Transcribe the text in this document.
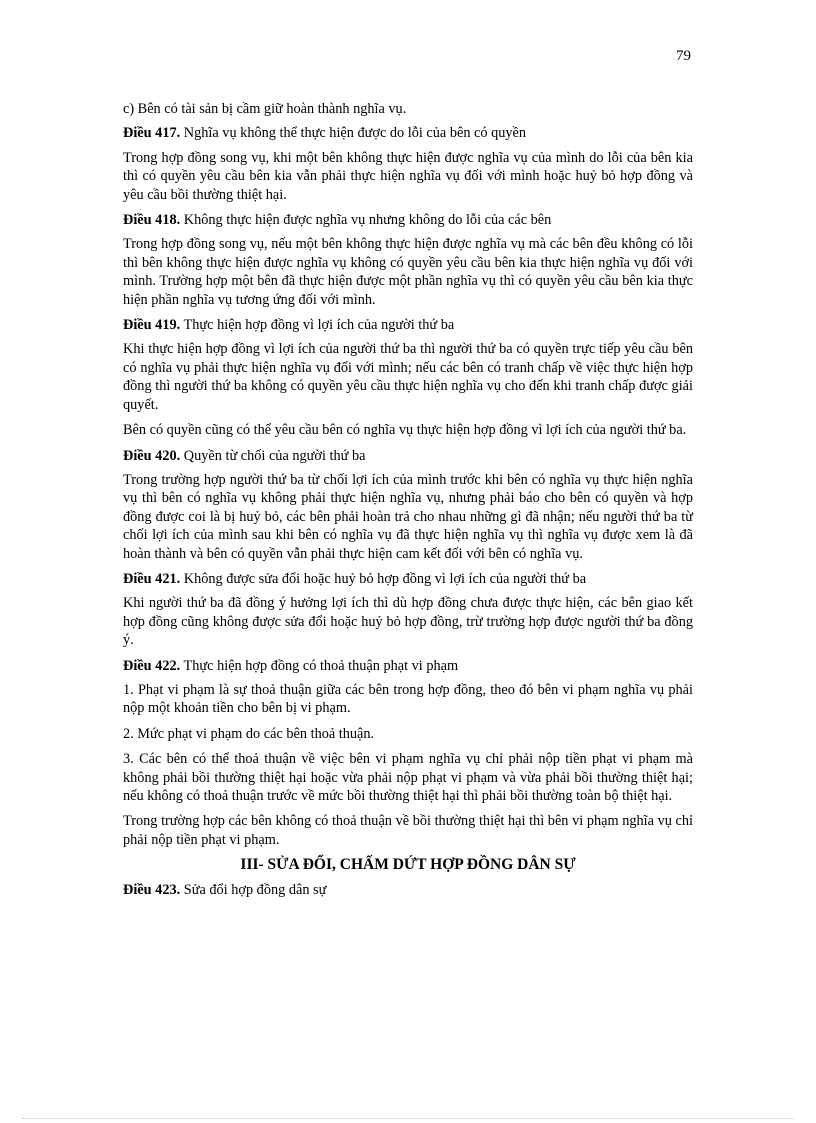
79

c) Bên có tài sản bị cầm giữ hoàn thành nghĩa vụ.

Điều 417. Nghĩa vụ không thể thực hiện được do lỗi của bên có quyền

Trong hợp đồng song vụ, khi một bên không thực hiện được nghĩa vụ của mình do lỗi của bên kia thì có quyền yêu cầu bên kia vẫn phải thực hiện nghĩa vụ đối với mình hoặc huỷ bỏ hợp đồng và yêu cầu bồi thường thiệt hại.

Điều 418. Không thực hiện được nghĩa vụ nhưng không do lỗi của các bên

Trong hợp đồng song vụ, nếu một bên không thực hiện được nghĩa vụ mà các bên đều không có lỗi thì bên không thực hiện được nghĩa vụ không có quyền yêu cầu bên kia thực hiện nghĩa vụ đối với mình. Trường hợp một bên đã thực hiện được một phần nghĩa vụ thì có quyền yêu cầu bên kia thực hiện phần nghĩa vụ tương ứng đối với mình.

Điều 419. Thực hiện hợp đồng vì lợi ích của người thứ ba

Khi thực hiện hợp đồng vì lợi ích của người thứ ba thì người thứ ba có quyền trực tiếp yêu cầu bên có nghĩa vụ phải thực hiện nghĩa vụ đối với mình; nếu các bên có tranh chấp về việc thực hiện hợp đồng thì người thứ ba không có quyền yêu cầu thực hiện nghĩa vụ cho đến khi tranh chấp được giải quyết.

Bên có quyền cũng có thể yêu cầu bên có nghĩa vụ thực hiện hợp đồng vì lợi ích của người thứ ba.

Điều 420. Quyền từ chối của người thứ ba

Trong trường hợp người thứ ba từ chối lợi ích của mình trước khi bên có nghĩa vụ thực hiện nghĩa vụ thì bên có nghĩa vụ không phải thực hiện nghĩa vụ, nhưng phải báo cho bên có quyền và hợp đồng được coi là bị huỷ bỏ, các bên phải hoàn trả cho nhau những gì đã nhận; nếu người thứ ba từ chối lợi ích của mình sau khi bên có nghĩa vụ đã thực hiện nghĩa vụ thì nghĩa vụ được xem là đã hoàn thành và bên có quyền vẫn phải thực hiện cam kết đối với bên có nghĩa vụ.

Điều 421. Không được sửa đổi hoặc huỷ bỏ hợp đồng vì lợi ích của người thứ ba

Khi người thứ ba đã đồng ý hưởng lợi ích thì dù hợp đồng chưa được thực hiện, các bên giao kết hợp đồng cũng không được sửa đổi hoặc huỷ bỏ hợp đồng, trừ trường hợp được người thứ ba đồng ý.

Điều 422. Thực hiện hợp đồng có thoả thuận phạt vi phạm

1. Phạt vi phạm là sự thoả thuận giữa các bên trong hợp đồng, theo đó bên vi phạm nghĩa vụ phải nộp một khoản tiền cho bên bị vi phạm.

2. Mức phạt vi phạm do các bên thoả thuận.

3. Các bên có thể thoả thuận về việc bên vi phạm nghĩa vụ chỉ phải nộp tiền phạt vi phạm mà không phải bồi thường thiệt hại hoặc vừa phải nộp phạt vi phạm và vừa phải bồi thường thiệt hại; nếu không có thoả thuận trước về mức bồi thường thiệt hại thì phải bồi thường toàn bộ thiệt hại.

Trong trường hợp các bên không có thoả thuận về bồi thường thiệt hại thì bên vi phạm nghĩa vụ chỉ phải nộp tiền phạt vi phạm.

III- SỬA ĐỔI, CHẤM DỨT HỢP ĐỒNG DÂN SỰ

Điều 423. Sửa đổi hợp đồng dân sự
